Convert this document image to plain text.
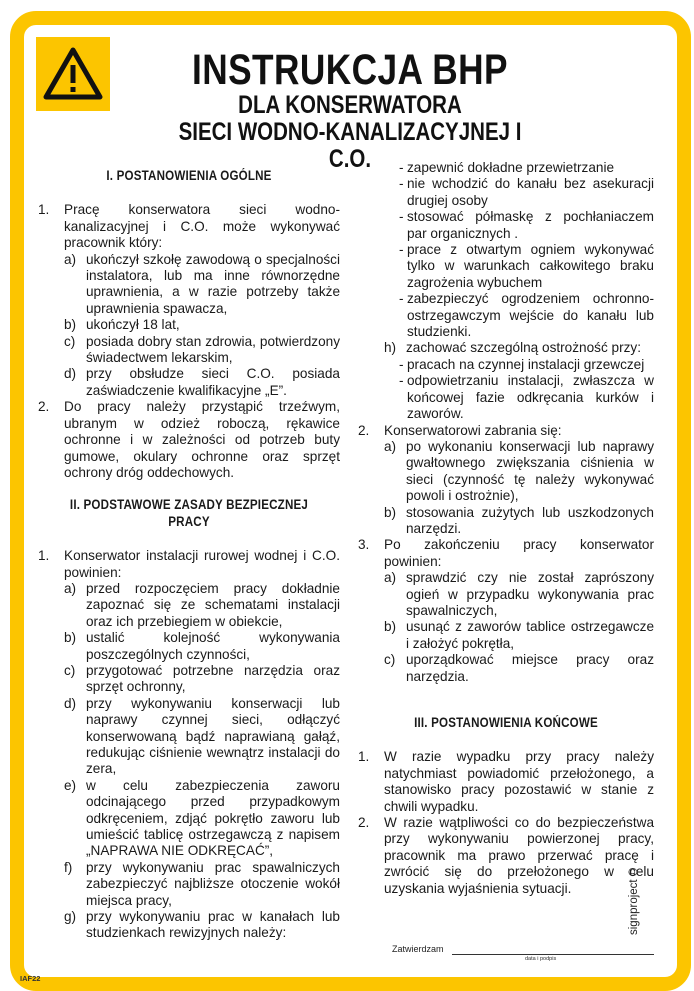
INSTRUKCJA BHP
DLA KONSERWATORA
SIECI WODNO-KANALIZACYJNEJ I C.O.

I. POSTANOWIENIA OGÓLNE

1.	Pracę konserwatora sieci wodno-kanalizacyjnej i C.O. może wykonywać pracownik który:
a) ukończył szkołę zawodową o specjalności instalatora, lub ma inne równorzędne uprawnienia, a w razie potrzeby także uprawnienia spawacza,
b) ukończył 18 lat,
c) posiada dobry stan zdrowia, potwierdzony świadectwem lekarskim,
d) przy obsłudze sieci C.O. posiada zaświadczenie kwalifikacyjne „E”.
2.	Do pracy należy przystąpić trzeźwym, ubranym w odzież roboczą, rękawice ochronne i w zależności od potrzeb buty gumowe, okulary ochronne oraz sprzęt ochrony dróg oddechowych.

II. PODSTAWOWE ZASADY BEZPIECZNEJ PRACY

1.	Konserwator instalacji rurowej wodnej i C.O. powinien:
a) przed rozpoczęciem pracy dokładnie zapoznać się ze schematami instalacji oraz ich przebiegiem w obiekcie,
b) ustalić kolejność wykonywania poszczególnych czynności,
c) przygotować potrzebne narzędzia oraz sprzęt ochronny,
d) przy wykonywaniu konserwacji lub naprawy czynnej sieci, odłączyć konserwowaną bądź naprawianą gałąź, redukując ciśnienie wewnątrz instalacji do zera,
e) w celu zabezpieczenia zaworu odcinającego przed przypadkowym odkręceniem, zdjąć pokrętło zaworu lub umieścić tablicę ostrzegawczą z napisem „NAPRAWA NIE ODKRĘCAĆ”,
f)	przy wykonywaniu prac spawalniczych zabezpieczyć najbliższe otoczenie wokół miejsca pracy,
g) przy wykonywaniu prac w kanałach lub studzienkach rewizyjnych należy:
- zapewnić dokładne przewietrzanie
- nie wchodzić do kanału bez asekuracji drugiej osoby
- stosować półmaskę z pochłaniaczem par organicznych .
- prace z otwartym ogniem wykonywać tylko w warunkach całkowitego braku zagrożenia wybuchem
- zabezpieczyć ogrodzeniem ochronno-ostrzegawczym wejście do kanału lub studzienki.
h) zachować szczególną ostrożność przy:
- pracach na czynnej instalacji grzewczej
- odpowietrzaniu instalacji, zwłaszcza w końcowej fazie odkręcania kurków i zaworów.
2.	Konserwatorowi zabrania się:
a) po wykonaniu konserwacji lub naprawy gwałtownego zwiększania ciśnienia w sieci (czynność tę należy wykonywać powoli i ostrożnie),
b) stosowania zużytych lub uszkodzonych narzędzi.
3.	Po zakończeniu pracy konserwator powinien:
a) sprawdzić czy nie został zaprószony ogień w przypadku wykonywania prac spawalniczych,
b) usunąć z zaworów tablice ostrzegawcze i założyć pokrętła,
c) uporządkować miejsce pracy oraz narzędzia.

III. POSTANOWIENIA KOŃCOWE

1.	W razie wypadku przy pracy należy natychmiast powiadomić przełożonego, a stanowisko pracy pozostawić w stanie z chwili wypadku.
2.	W razie wątpliwości co do bezpieczeństwa przy wykonywaniu powierzonej pracy, pracownik ma prawo przerwać pracę i zwrócić się do przełożonego w celu uzyskania wyjaśnienia sytuacji.
Zatwierdzam
data i podpis
signproject ©
IAF22
